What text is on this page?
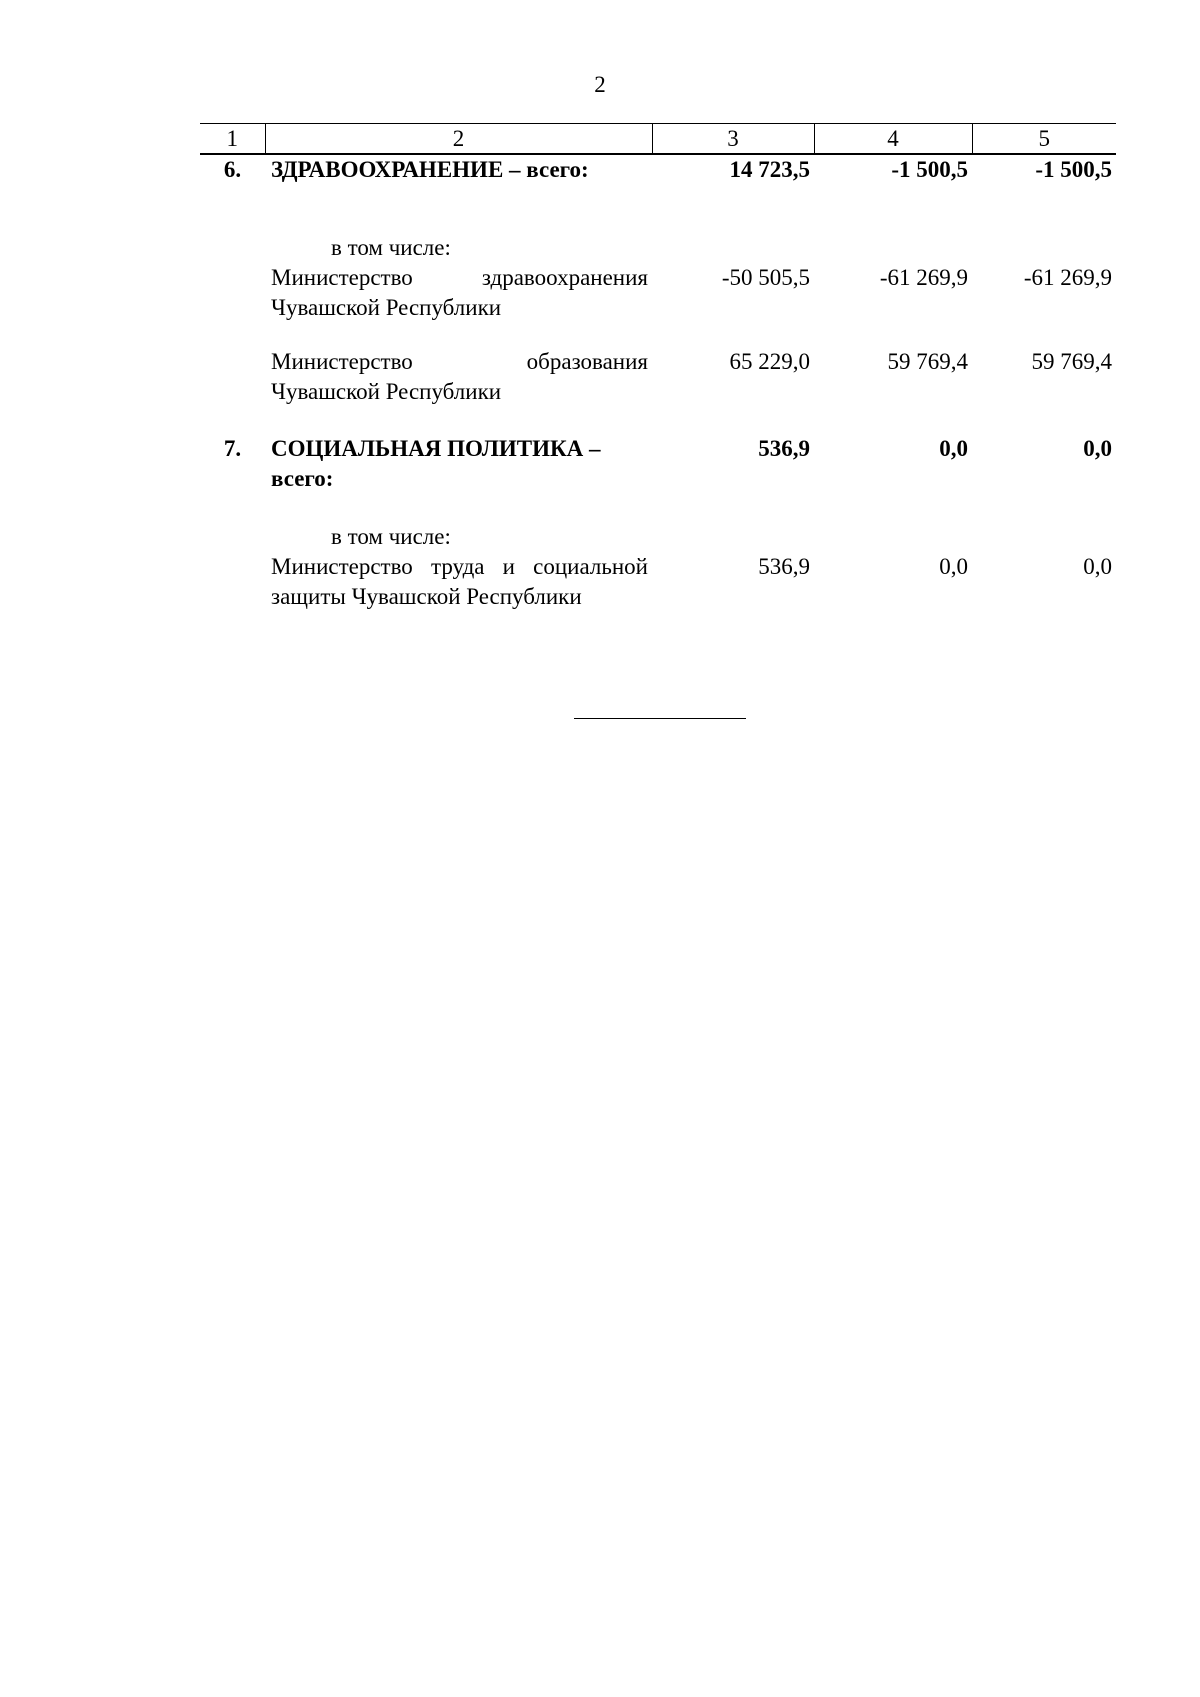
2
1	2	3	4	5
6.	ЗДРАВООХРАНЕНИЕ – всего:	14 723,5	-1 500,5	-1 500,5

	в том числе:			

	Министерство здравоохранения Чувашской Республики	-50 505,5	-61 269,9	-61 269,9

	Министерство образования Чувашской Республики	65 229,0	59 769,4	59 769,4

7.	СОЦИАЛЬНАЯ ПОЛИТИКА – всего:	536,9	0,0	0,0

	в том числе:			

	Министерство труда и социальной защиты Чувашской Республики	536,9	0,0	0,0
